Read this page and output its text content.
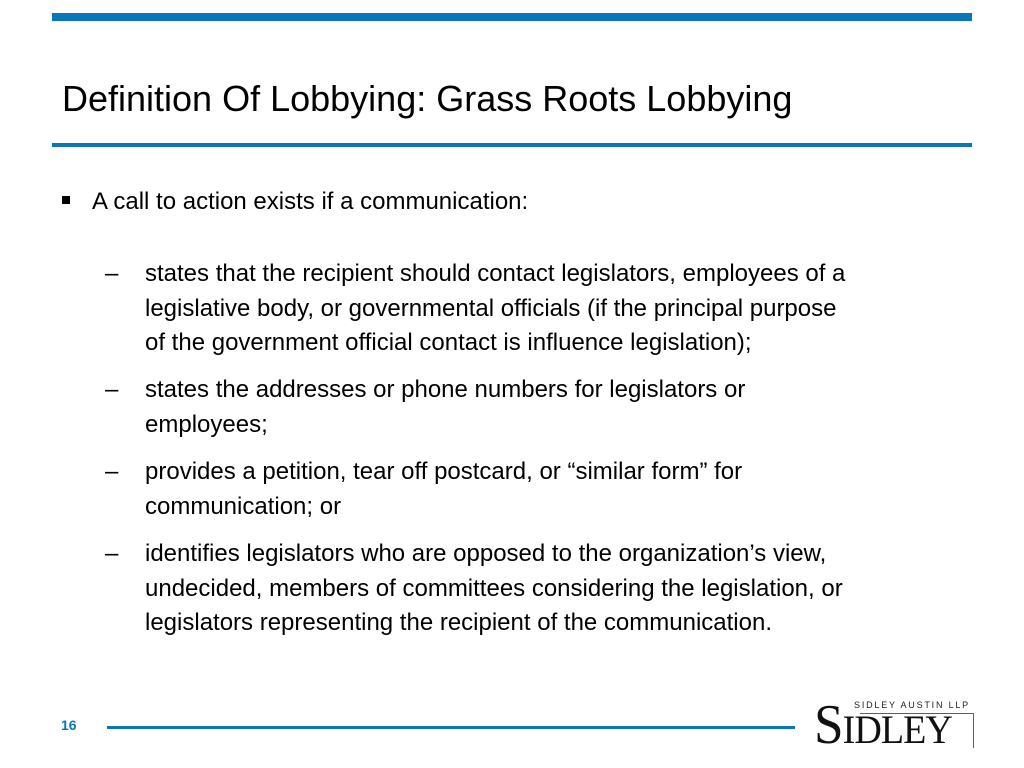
Definition Of Lobbying: Grass Roots Lobbying
A call to action exists if a communication:
– states that the recipient should contact legislators, employees of a
legislative body, or governmental officials (if the principal purpose
of the government official contact is influence legislation);
– states the addresses or phone numbers for legislators or
employees;
– provides a petition, tear off postcard, or “similar form” for
communication; or
– identifies legislators who are opposed to the organization’s view,
undecided, members of committees considering the legislation, or
legislators representing the recipient of the communication.
16
SIDLEY AUSTIN LLP
SIDLEY
